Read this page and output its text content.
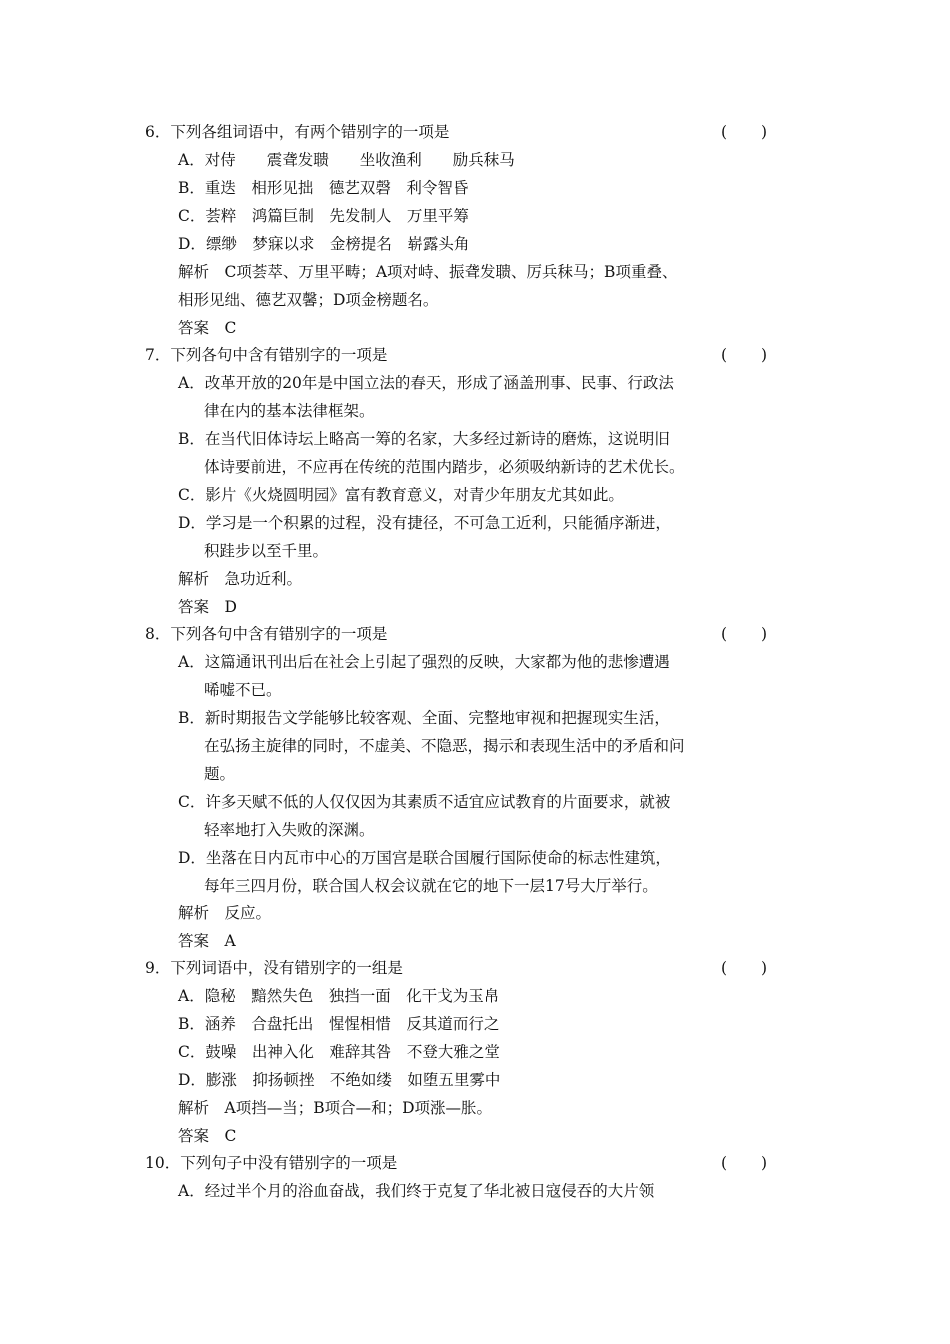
6．下列各组词语中，有两个错别字的一项是	( )
A．对侍　　震聋发聩　　坐收渔利　　励兵秣马
B．重迭　相形见拙　德艺双磬　利令智昏
C．荟粹　鸿篇巨制　先发制人　万里平筹
D．缥缈　梦寐以求　金榜提名　崭露头角
解析　C项荟萃、万里平畴；A项对峙、振聋发聩、厉兵秣马；B项重叠、
相形见绌、德艺双馨；D项金榜题名。
答案　C
7．下列各句中含有错别字的一项是	( )
A．改革开放的20年是中国立法的春天，形成了涵盖刑事、民事、行政法
律在内的基本法律框架。
B．在当代旧体诗坛上略高一筹的名家，大多经过新诗的磨炼，这说明旧
体诗要前进，不应再在传统的范围内踏步，必须吸纳新诗的艺术优长。
C．影片《火烧圆明园》富有教育意义，对青少年朋友尤其如此。
D．学习是一个积累的过程，没有捷径，不可急工近利，只能循序渐进，
积跬步以至千里。
解析　急功近利。
答案　D
8．下列各句中含有错别字的一项是	( )
A．这篇通讯刊出后在社会上引起了强烈的反映，大家都为他的悲惨遭遇
唏嘘不已。
B．新时期报告文学能够比较客观、全面、完整地审视和把握现实生活，
在弘扬主旋律的同时，不虚美、不隐恶，揭示和表现生活中的矛盾和问
题。
C．许多天赋不低的人仅仅因为其素质不适宜应试教育的片面要求，就被
轻率地打入失败的深渊。
D．坐落在日内瓦市中心的万国宫是联合国履行国际使命的标志性建筑，
每年三四月份，联合国人权会议就在它的地下一层17号大厅举行。
解析　反应。
答案　A
9．下列词语中，没有错别字的一组是	( )
A．隐秘　黯然失色　独挡一面　化干戈为玉帛
B．涵养　合盘托出　惺惺相惜　反其道而行之
C．鼓噪　出神入化　难辞其咎　不登大雅之堂
D．膨涨　抑扬顿挫　不绝如缕　如堕五里雾中
解析　A项挡—当；B项合—和；D项涨—胀。
答案　C
10．下列句子中没有错别字的一项是	( )
A．经过半个月的浴血奋战，我们终于克复了华北被日寇侵吞的大片领
